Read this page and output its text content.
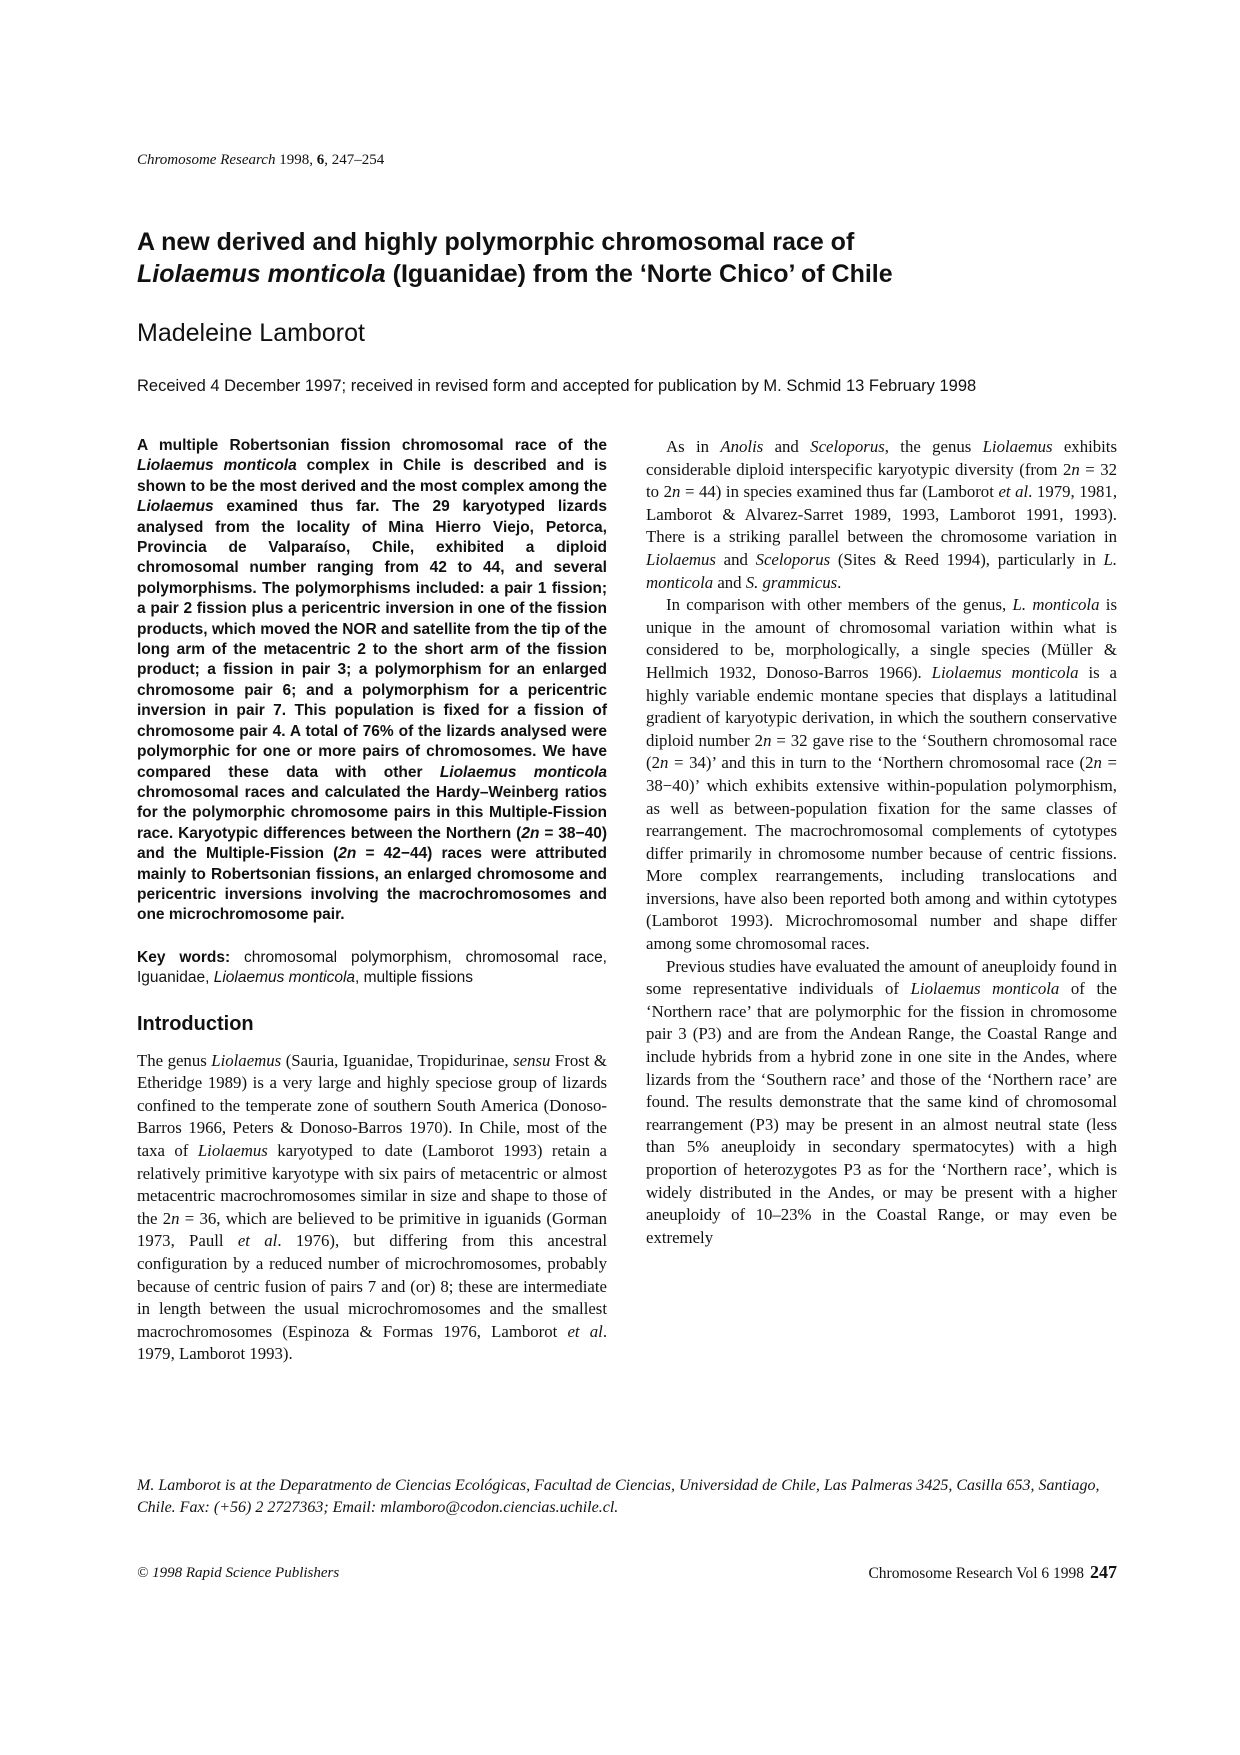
Chromosome Research 1998, 6, 247–254
A new derived and highly polymorphic chromosomal race of
Liolaemus monticola (Iguanidae) from the ‘Norte Chico’ of Chile
Madeleine Lamborot
Received 4 December 1997; received in revised form and accepted for publication by M. Schmid 13 February 1998

A multiple Robertsonian fission chromosomal race of the Liolaemus monticola complex in Chile is described and is shown to be the most derived and the most complex among the Liolaemus examined thus far. The 29 karyotyped lizards analysed from the locality of Mina Hierro Viejo, Petorca, Provincia de Valparaíso, Chile, exhibited a diploid chromosomal number ranging from 42 to 44, and several polymorphisms. The polymorphisms included: a pair 1 fission; a pair 2 fission plus a pericentric inversion in one of the fission products, which moved the NOR and satellite from the tip of the long arm of the metacentric 2 to the short arm of the fission product; a fission in pair 3; a polymorphism for an enlarged chromosome pair 6; and a polymorphism for a pericentric inversion in pair 7. This population is fixed for a fission of chromosome pair 4. A total of 76% of the lizards analysed were polymorphic for one or more pairs of chromosomes. We have compared these data with other Liolaemus monticola chromosomal races and calculated the Hardy–Weinberg ratios for the polymorphic chromosome pairs in this Multiple-Fission race. Karyotypic differences between the Northern (2n = 38−40) and the Multiple-Fission (2n = 42−44) races were attributed mainly to Robertsonian fissions, an enlarged chromosome and pericentric inversions involving the macrochromosomes and one microchromosome pair.

Key words: chromosomal polymorphism, chromosomal race, Iguanidae, Liolaemus monticola, multiple fissions

Introduction

The genus Liolaemus (Sauria, Iguanidae, Tropidurinae, sensu Frost & Etheridge 1989) is a very large and highly speciose group of lizards confined to the temperate zone of southern South America (Donoso-Barros 1966, Peters & Donoso-Barros 1970). In Chile, most of the taxa of Liolaemus karyotyped to date (Lamborot 1993) retain a relatively primitive karyotype with six pairs of metacentric or almost metacentric macrochromosomes similar in size and shape to those of the 2n = 36, which are believed to be primitive in iguanids (Gorman 1973, Paull et al. 1976), but differing from this ancestral configuration by a reduced number of microchromosomes, probably because of centric fusion of pairs 7 and (or) 8; these are intermediate in length between the usual microchromosomes and the smallest macrochromosomes (Espinoza & Formas 1976, Lamborot et al. 1979, Lamborot 1993).

As in Anolis and Sceloporus, the genus Liolaemus exhibits considerable diploid interspecific karyotypic diversity (from 2n = 32 to 2n = 44) in species examined thus far (Lamborot et al. 1979, 1981, Lamborot & Alvarez-Sarret 1989, 1993, Lamborot 1991, 1993). There is a striking parallel between the chromosome variation in Liolaemus and Sceloporus (Sites & Reed 1994), particularly in L. monticola and S. grammicus.

In comparison with other members of the genus, L. monticola is unique in the amount of chromosomal variation within what is considered to be, morphologically, a single species (Müller & Hellmich 1932, Donoso-Barros 1966). Liolaemus monticola is a highly variable endemic montane species that displays a latitudinal gradient of karyotypic derivation, in which the southern conservative diploid number 2n = 32 gave rise to the ‘Southern chromosomal race (2n = 34)’ and this in turn to the ‘Northern chromosomal race (2n = 38−40)’ which exhibits extensive within-population polymorphism, as well as between-population fixation for the same classes of rearrangement. The macrochromosomal complements of cytotypes differ primarily in chromosome number because of centric fissions. More complex rearrangements, including translocations and inversions, have also been reported both among and within cytotypes (Lamborot 1993). Microchromosomal number and shape differ among some chromosomal races.

Previous studies have evaluated the amount of aneuploidy found in some representative individuals of Liolaemus monticola of the ‘Northern race’ that are polymorphic for the fission in chromosome pair 3 (P3) and are from the Andean Range, the Coastal Range and include hybrids from a hybrid zone in one site in the Andes, where lizards from the ‘Southern race’ and those of the ‘Northern race’ are found. The results demonstrate that the same kind of chromosomal rearrangement (P3) may be present in an almost neutral state (less than 5% aneuploidy in secondary spermatocytes) with a high proportion of heterozygotes P3 as for the ‘Northern race’, which is widely distributed in the Andes, or may be present with a higher aneuploidy of 10–23% in the Coastal Range, or may even be extremely

M. Lamborot is at the Deparatmento de Ciencias Ecológicas, Facultad de Ciencias, Universidad de Chile, Las Palmeras 3425, Casilla 653, Santiago, Chile. Fax: (+56) 2 2727363; Email: mlamboro@codon.ciencias.uchile.cl.
© 1998 Rapid Science Publishers	Chromosome Research Vol 6 1998 247
